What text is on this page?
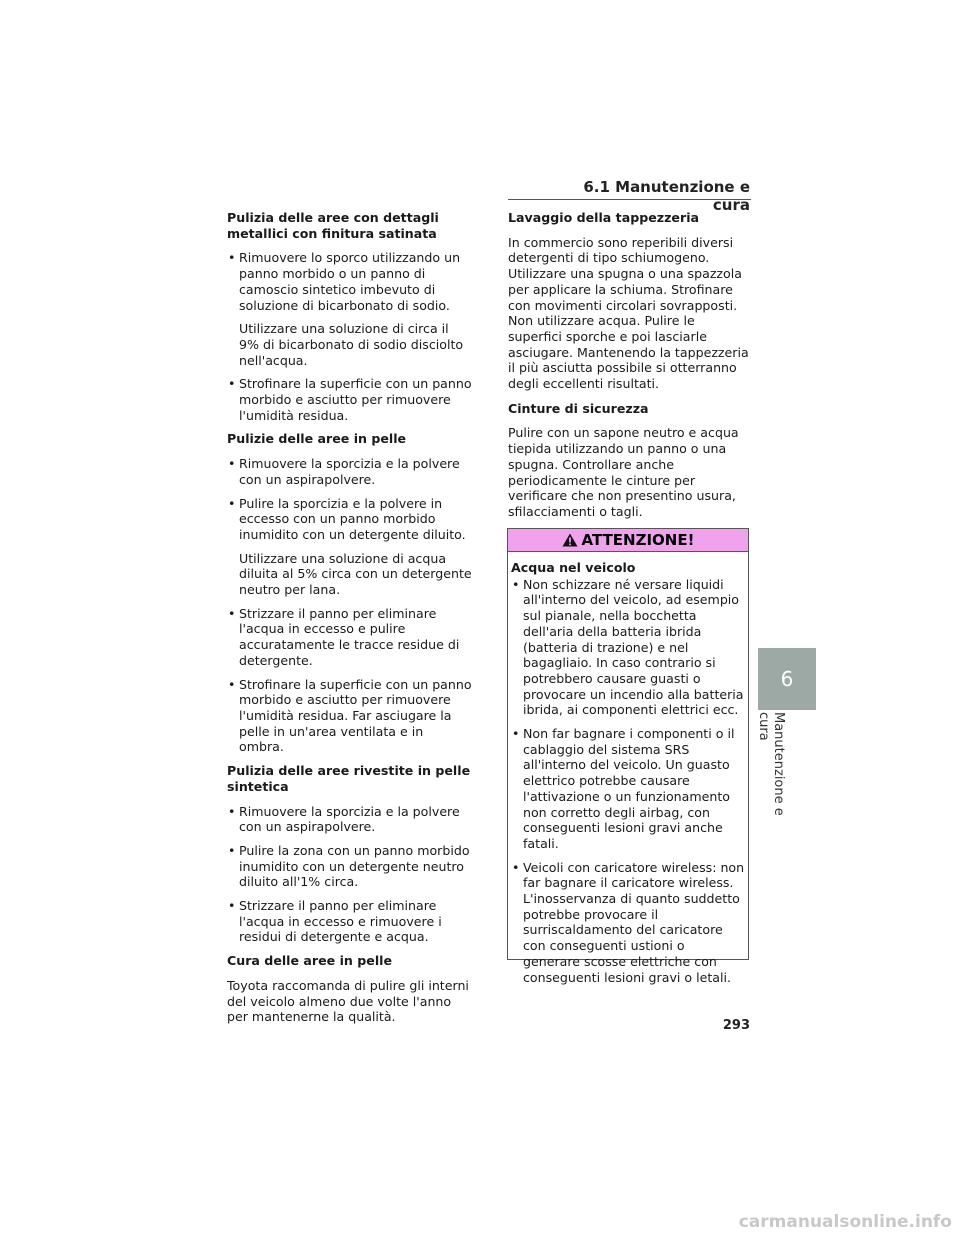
6.1 Manutenzione e cura
Pulizia delle aree con dettagli metallici con finitura satinata
• Rimuovere lo sporco utilizzando un panno morbido o un panno di camoscio sintetico imbevuto di soluzione di bicarbonato di sodio.
Utilizzare una soluzione di circa il 9% di bicarbonato di sodio disciolto nell'acqua.
• Strofinare la superficie con un panno morbido e asciutto per rimuovere l'umidità residua.
Pulizie delle aree in pelle
• Rimuovere la sporcizia e la polvere con un aspirapolvere.
• Pulire la sporcizia e la polvere in eccesso con un panno morbido inumidito con un detergente diluito.
Utilizzare una soluzione di acqua diluita al 5% circa con un detergente neutro per lana.
• Strizzare il panno per eliminare l'acqua in eccesso e pulire accuratamente le tracce residue di detergente.
• Strofinare la superficie con un panno morbido e asciutto per rimuovere l'umidità residua. Far asciugare la pelle in un'area ventilata e in ombra.
Pulizia delle aree rivestite in pelle sintetica
• Rimuovere la sporcizia e la polvere con un aspirapolvere.
• Pulire la zona con un panno morbido inumidito con un detergente neutro diluito all'1% circa.
• Strizzare il panno per eliminare l'acqua in eccesso e rimuovere i residui di detergente e acqua.
Cura delle aree in pelle
Toyota raccomanda di pulire gli interni del veicolo almeno due volte l'anno per mantenerne la qualità.
Lavaggio della tappezzeria
In commercio sono reperibili diversi detergenti di tipo schiumogeno. Utilizzare una spugna o una spazzola per applicare la schiuma. Strofinare con movimenti circolari sovrapposti. Non utilizzare acqua. Pulire le superfici sporche e poi lasciarle asciugare. Mantenendo la tappezzeria il più asciutta possibile si otterranno degli eccellenti risultati.
Cinture di sicurezza
Pulire con un sapone neutro e acqua tiepida utilizzando un panno o una spugna. Controllare anche periodicamente le cinture per verificare che non presentino usura, sfilacciamenti o tagli.
ATTENZIONE!
Acqua nel veicolo
• Non schizzare né versare liquidi all'interno del veicolo, ad esempio sul pianale, nella bocchetta dell'aria della batteria ibrida (batteria di trazione) e nel bagagliaio. In caso contrario si potrebbero causare guasti o provocare un incendio alla batteria ibrida, ai componenti elettrici ecc.
• Non far bagnare i componenti o il cablaggio del sistema SRS all'interno del veicolo. Un guasto elettrico potrebbe causare l'attivazione o un funzionamento non corretto degli airbag, con conseguenti lesioni gravi anche fatali.
• Veicoli con caricatore wireless: non far bagnare il caricatore wireless. L'inosservanza di quanto suddetto potrebbe provocare il surriscaldamento del caricatore con conseguenti ustioni o generare scosse elettriche con conseguenti lesioni gravi o letali.
6
Manutenzione e cura
293
carmanualsonline.info
